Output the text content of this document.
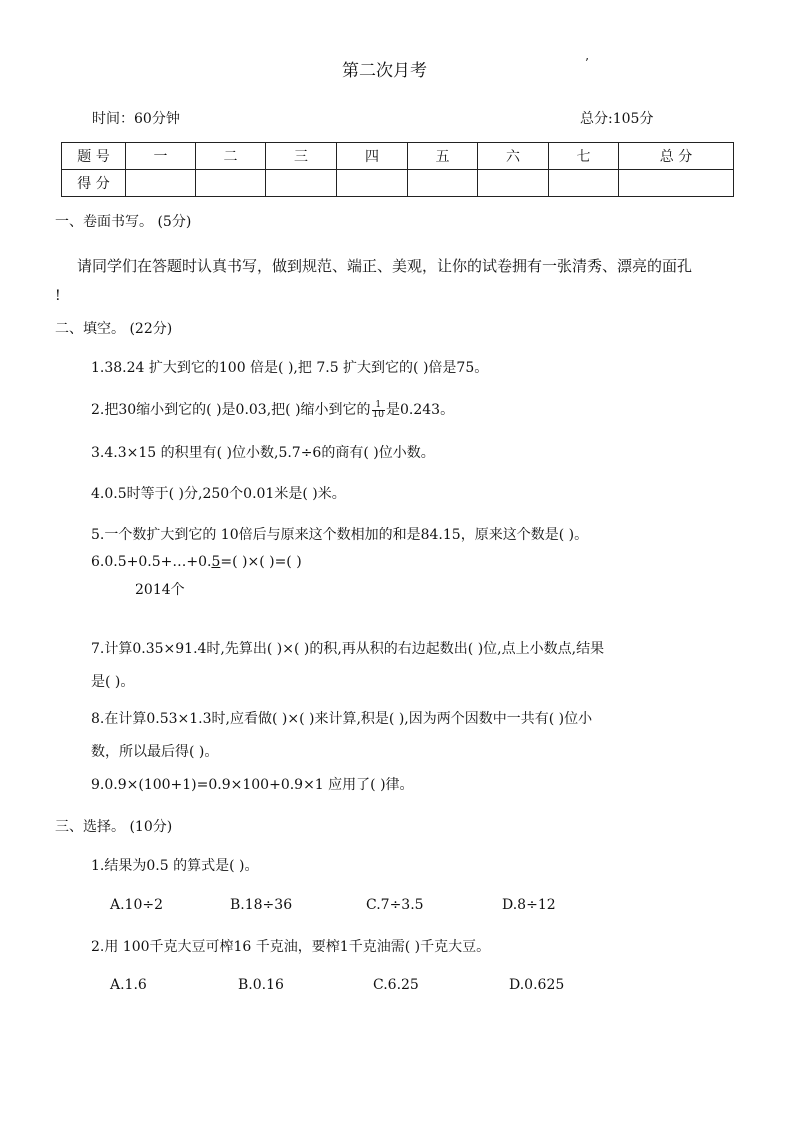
第二次月考	’
时间：60分钟	总分:105分
题 号	一	二	三	四	五	六	七	总 分
得 分								
一、卷面书写。 (5分)
请同学们在答题时认真书写，做到规范、端正、美观，让你的试卷拥有一张清秀、漂亮的面孔
!
二、填空。 (22分)
1.38.24 扩大到它的100 倍是( ),把 7.5 扩大到它的( )倍是75。
2.把30缩小到它的( )是0.03,把( )缩小到它的 $\frac{1}{10}$ 是0.243。
3.4.3×15 的积里有( )位小数,5.7÷6的商有( )位小数。
4.0.5时等于( )分,250个0.01米是( )米。
5.一个数扩大到它的 10倍后与原来这个数相加的和是84.15，原来这个数是( )。
6.0.5+0.5+…+0.5=( )×( )=( )
2014个
7.计算0.35×91.4时,先算出( )×( )的积,再从积的右边起数出( )位,点上小数点,结果
是( )。
8.在计算0.53×1.3时,应看做( )×( )来计算,积是( ),因为两个因数中一共有( )位小
数，所以最后得( )。
9.0.9×(100+1)=0.9×100+0.9×1 应用了( )律。
三、选择。 (10分)
1.结果为0.5 的算式是( )。
A.10÷2	B.18÷36	C.7÷3.5	D.8÷12
2.用 100千克大豆可榨16 千克油，要榨1千克油需( )千克大豆。
A.1.6	B.0.16	C.6.25	D.0.625
